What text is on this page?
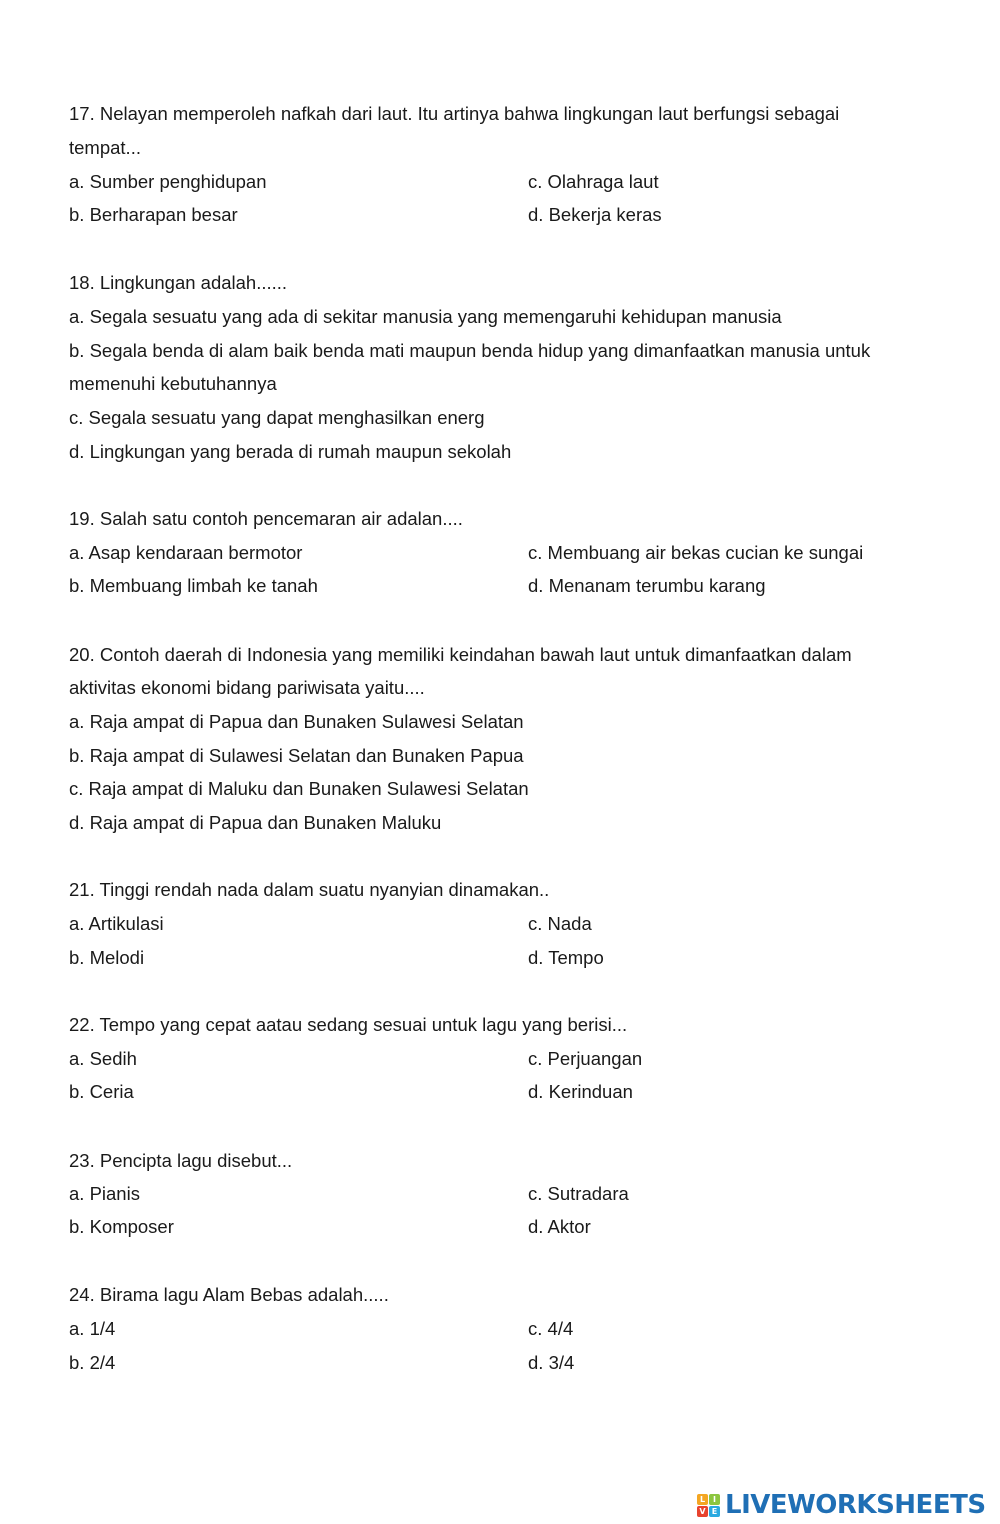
17. Nelayan memperoleh nafkah dari laut. Itu artinya bahwa lingkungan laut berfungsi sebagai
tempat...
a. Sumber penghidupan	c. Olahraga laut
b. Berharapan besar	d. Bekerja keras
18. Lingkungan adalah......
a. Segala sesuatu yang ada di sekitar manusia yang memengaruhi kehidupan manusia
b. Segala benda di alam baik benda mati maupun benda hidup yang dimanfaatkan manusia untuk
memenuhi kebutuhannya
c. Segala sesuatu yang dapat menghasilkan energ
d. Lingkungan yang berada di rumah maupun sekolah
19. Salah satu contoh pencemaran air adalan....
a. Asap kendaraan bermotor	c. Membuang air bekas cucian ke sungai
b. Membuang limbah ke tanah	d. Menanam terumbu karang
20. Contoh daerah di Indonesia yang memiliki keindahan bawah laut untuk dimanfaatkan dalam
aktivitas ekonomi bidang pariwisata yaitu....
a. Raja ampat di Papua dan Bunaken Sulawesi Selatan
b. Raja ampat di Sulawesi Selatan dan Bunaken Papua
c. Raja ampat di Maluku dan Bunaken Sulawesi Selatan
d. Raja ampat di Papua dan Bunaken Maluku
21. Tinggi rendah nada dalam suatu nyanyian dinamakan..
a. Artikulasi	c. Nada
b. Melodi	d. Tempo
22. Tempo yang cepat aatau sedang sesuai untuk lagu yang berisi...
a. Sedih	c. Perjuangan
b. Ceria	d. Kerinduan
23. Pencipta lagu disebut...
a. Pianis	c. Sutradara
b. Komposer	d. Aktor
24. Birama lagu Alam Bebas adalah.....
a. 1/4	c. 4/4
b. 2/4	d. 3/4
L I
V E LIVEWORKSHEETS
